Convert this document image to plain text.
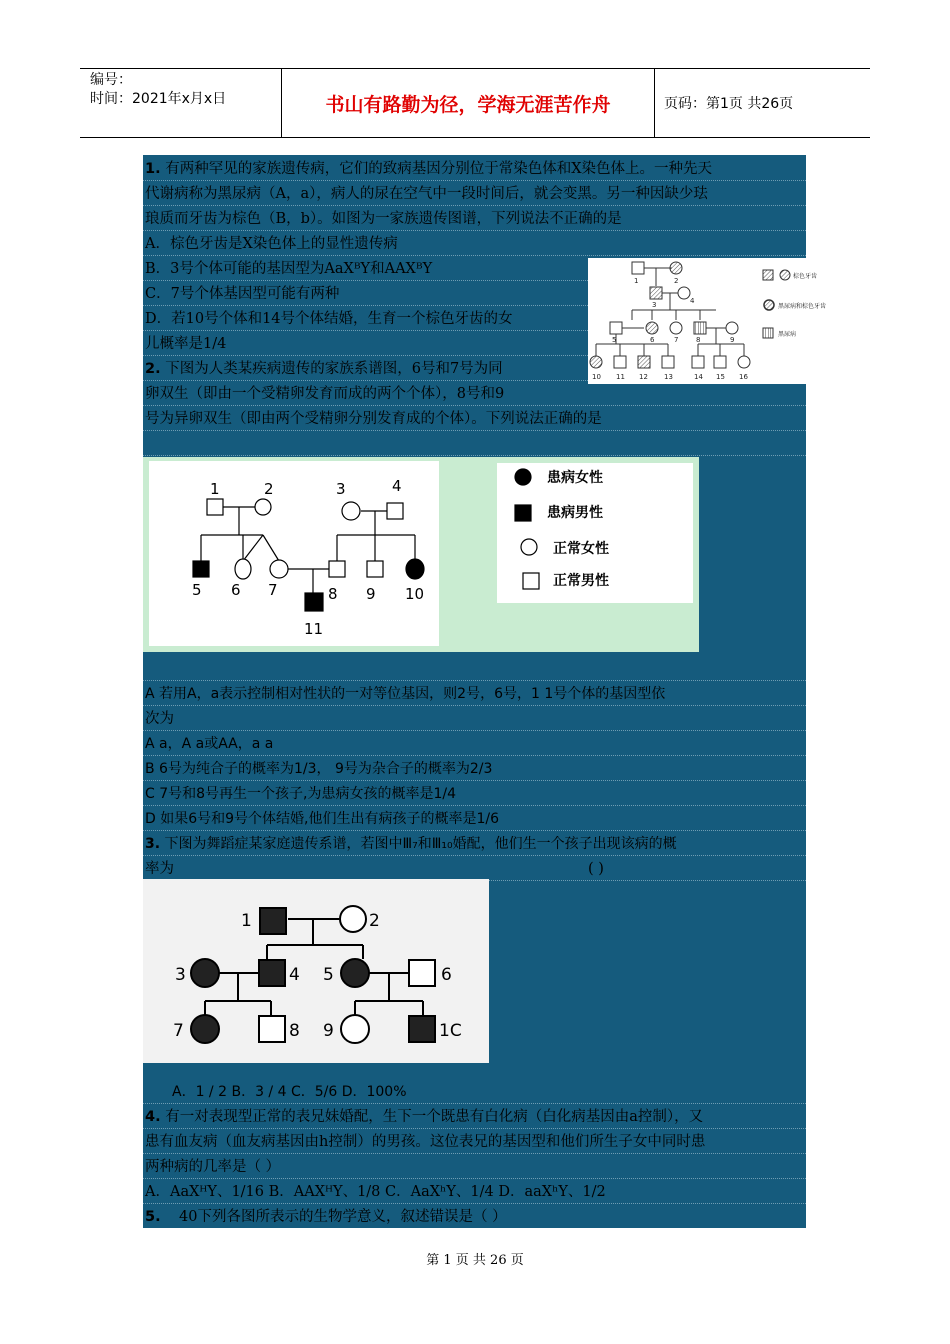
编号：
时间：2021年x月x日	书山有路勤为径，学海无涯苦作舟	页码：第1页 共26页
1. 有两种罕见的家族遗传病，它们的致病基因分别位于常染色体和X染色体上。一种先天
代谢病称为黑尿病（A，a），病人的尿在空气中一段时间后，就会变黑。另一种因缺少珐
琅质而牙齿为棕色（B，b）。如图为一家族遗传图谱，下列说法不正确的是
A．棕色牙齿是X染色体上的显性遗传病
B．3号个体可能的基因型为AaXᴮY和AAXᴮY
C．7号个体基因型可能有两种
D．若10号个体和14号个体结婚，生育一个棕色牙齿的女
儿概率是1/4
1	2
3	4
5	6	7	8	9
10 11 12 13	14 15 16
棕色牙齿
黑尿病和棕色牙齿
黑尿病
2. 下图为人类某疾病遗传的家族系谱图，6号和7号为同
卵双生（即由一个受精卵发育而成的两个个体），8号和9
号为异卵双生（即由两个受精卵分别发育成的个体）。下列说法正确的是
1	2	3	4
5 6 7	8 9 10
11
患病女性
患病男性
正常女性
正常男性
A 若用A，a表示控制相对性状的一对等位基因，则2号，6号，1 1号个体的基因型依
次为
A a，A a或AA，a a
B 6号为纯合子的概率为1/3， 9号为杂合子的概率为2/3
C 7号和8号再生一个孩子,为患病女孩的概率是1/4
D 如果6号和9号个体结婚,他们生出有病孩子的概率是1/6
3. 下图为舞蹈症某家庭遗传系谱，若图中Ⅲ₇和Ⅲ₁₀婚配，他们生一个孩子出现该病的概
率为	( )
1	2
3	4 5	6
7	8 9	1C
A．1 / 2 B．3 / 4 C．5/6 D．100%
4. 有一对表现型正常的表兄妹婚配，生下一个既患有白化病（白化病基因由a控制），又
患有血友病（血友病基因由h控制）的男孩。这位表兄的基因型和他们所生子女中同时患
两种病的几率是（ ）
A．AaXᴴY、1/16 B．AAXᴴY、1/8 C．AaXʰY、1/4 D．aaXʰY、1/2
5. 40下列各图所表示的生物学意义，叙述错误是（ ）
第 1 页 共 26 页
